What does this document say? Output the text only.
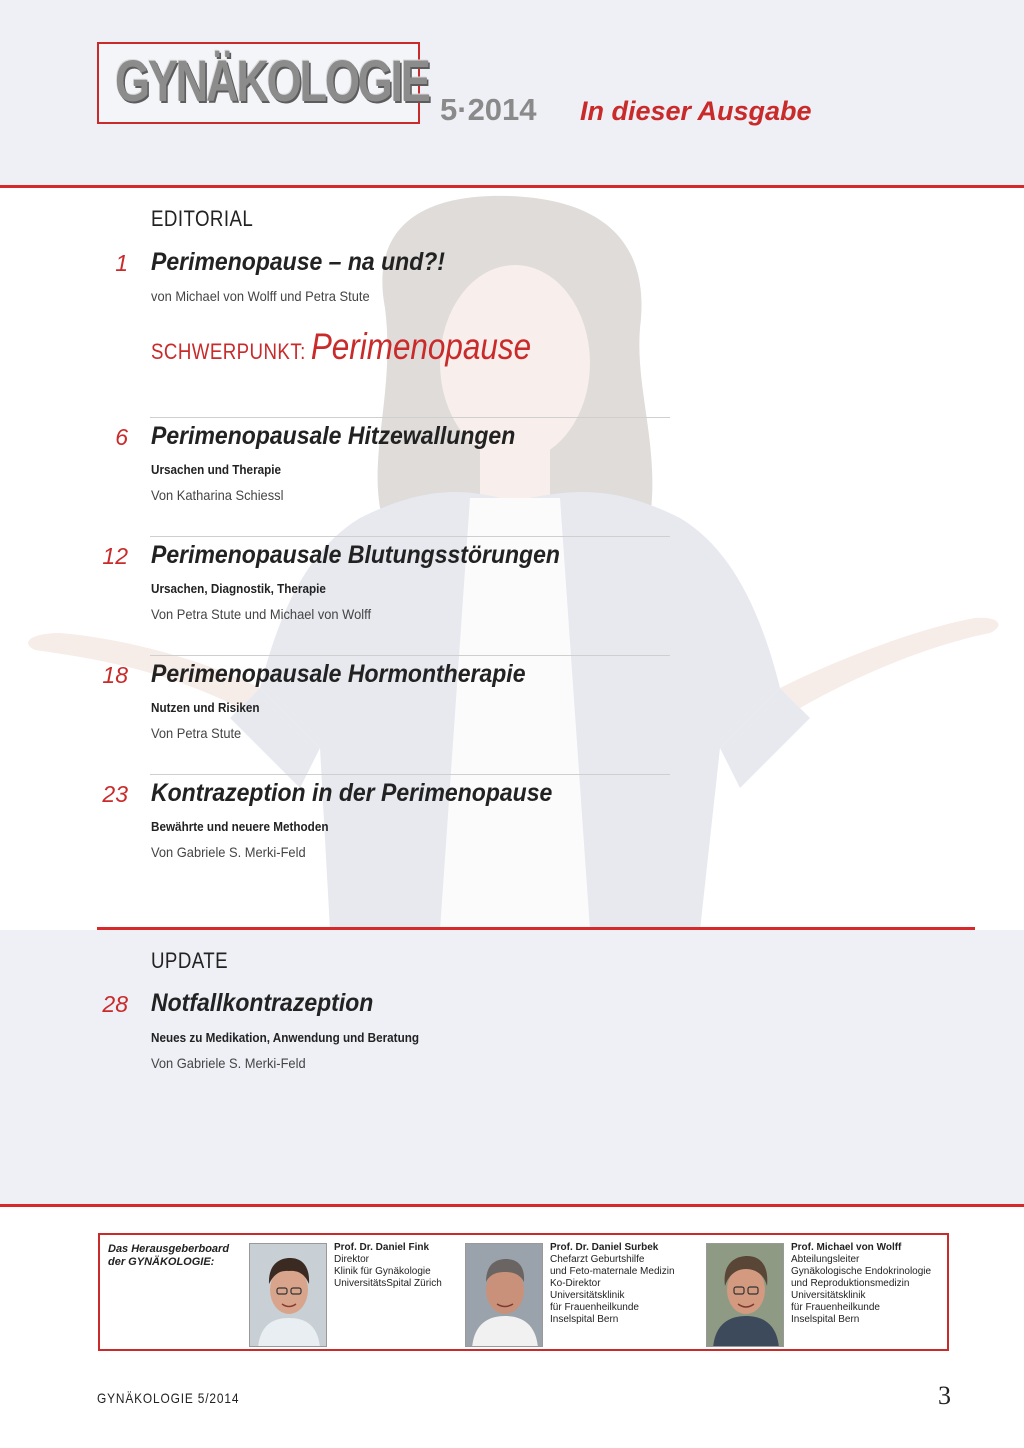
GYNÄKOLOGIE 5·2014 In dieser Ausgabe
EDITORIAL
1 Perimenopause – na und?!
von Michael von Wolff und Petra Stute
SCHWERPUNKT: Perimenopause
6 Perimenopausale Hitzewallungen
Ursachen und Therapie
Von Katharina Schiessl
12 Perimenopausale Blutungsstörungen
Ursachen, Diagnostik, Therapie
Von Petra Stute und Michael von Wolff
18 Perimenopausale Hormontherapie
Nutzen und Risiken
Von Petra Stute
23 Kontrazeption in der Perimenopause
Bewährte und neuere Methoden
Von Gabriele S. Merki-Feld
UPDATE
28 Notfallkontrazeption
Neues zu Medikation, Anwendung und Beratung
Von Gabriele S. Merki-Feld
Das Herausgeberboard
der GYNÄKOLOGIE:
Prof. Dr. Daniel Fink
Direktor
Klinik für Gynäkologie
UniversitätsSpital Zürich
Prof. Dr. Daniel Surbek
Chefarzt Geburtshilfe
und Feto-maternale Medizin
Ko-Direktor
Universitätsklinik
für Frauenheilkunde
Inselspital Bern
Prof. Michael von Wolff
Abteilungsleiter
Gynäkologische Endokrinologie
und Reproduktionsmedizin
Universitätsklinik
für Frauenheilkunde
Inselspital Bern
GYNÄKOLOGIE 5/2014	3
